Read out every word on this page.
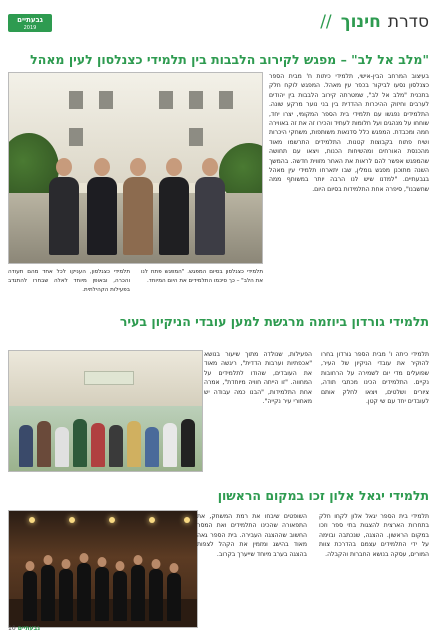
גבעתיים
2019	סדרת חינוך //
"מלב אל לב" – מפגש לקירוב הלבבות בין תלמידי כצנלסון לעין מאהל
תלמידי כצנלסון בסיום המפגש. "המפגש פתח לנו את הלב" – כך סיכמו התלמידים את היום המיוחד.
תלמידי כצנלסון, העניקו לכל אחד מהם תעודה והכרה, ובאופן מיוחד לאלה שבחרו להתנדב בפעילות הקהילתית.

בעיצוב המרחב הבין-אישי, תלמידי כיתות ח' מבית הספר כצנלסון נסעו לביקור בכפר עין מאהל. המפגש לוקח חלק בתכנית "מלב אל לב", שמטרתה קירוב הלבבות בין יהודים לערבים וחיזוק ההיכרות ההדדית בין בני נוער מרקע שונה. התלמידים נפגשו עם תלמידי בית הספר המקומי, יצרו יחד, שוחחו על מנהגים ועל חלומות לעתיד והכירו זה את זה באווירה חמה ומכבדת. המפגש כלל סדנאות משותפות, משחקי היכרות ושיח פתוח בקבוצות קטנות. התלמידים התרשמו מאוד מהכנסת האורחים ומהשיחות הכנות, ויצאו עם תחושה שהמפגש אפשר להם לראות את האחר מזווית חדשה. בהמשך השנה מתוכנן מפגש גומלין, שבו יתארחו תלמידי עין מאהל בגבעתיים. "למדנו שיש לנו הרבה יותר במשותף ממה שחשבנו", סיפרה אחת התלמידות בסיום היום.

תלמידי גורדון ביוזמה מרגשת למען עובדי הניקיון בעיר
תלמידי כיתה ו' מבית הספר גורדון בחרו להוקיר את עובדי הניקיון של העיר, שפועלים מדי יום לשמירה על הרחובות נקיים. התלמידים הכינו מכתבי תודה, ציורים ושלטים, ויצאו לחלק אותם לעובדים יחד עם שי קטן.
הפעילות, שנולדה מתוך שיעור בנושא "אכפתיות וערבות הדדית", ריגשה מאוד את העובדים, שהודו לתלמידים על המחווה. "זו הייתה חוויה מיוחדת", אמרה אחת התלמידות, "הבנו כמה עבודה יש מאחורי עיר נקייה".
תלמידי יגאל אלון זכו במקום הראשון
תלמידי בית הספר יגאל אלון לקחו חלק בתחרות הארצית להצגות בתי ספר וזכו במקום הראשון. ההצגה, שנכתבה ובוימה על ידי התלמידים עצמם בהדרכת צוות המורים, עסקה בנושא החברות והקבלה.
השופטים שיבחו את רמת המשחק, את התפאורה שהכינו התלמידים ואת המסר החשוב שההצגה העבירה. בית הספר גאה מאוד בהישג ומזמין את הקהל לצפות בהצגה בערב מיוחד שייערך בקרוב.
10 גבעתיים
